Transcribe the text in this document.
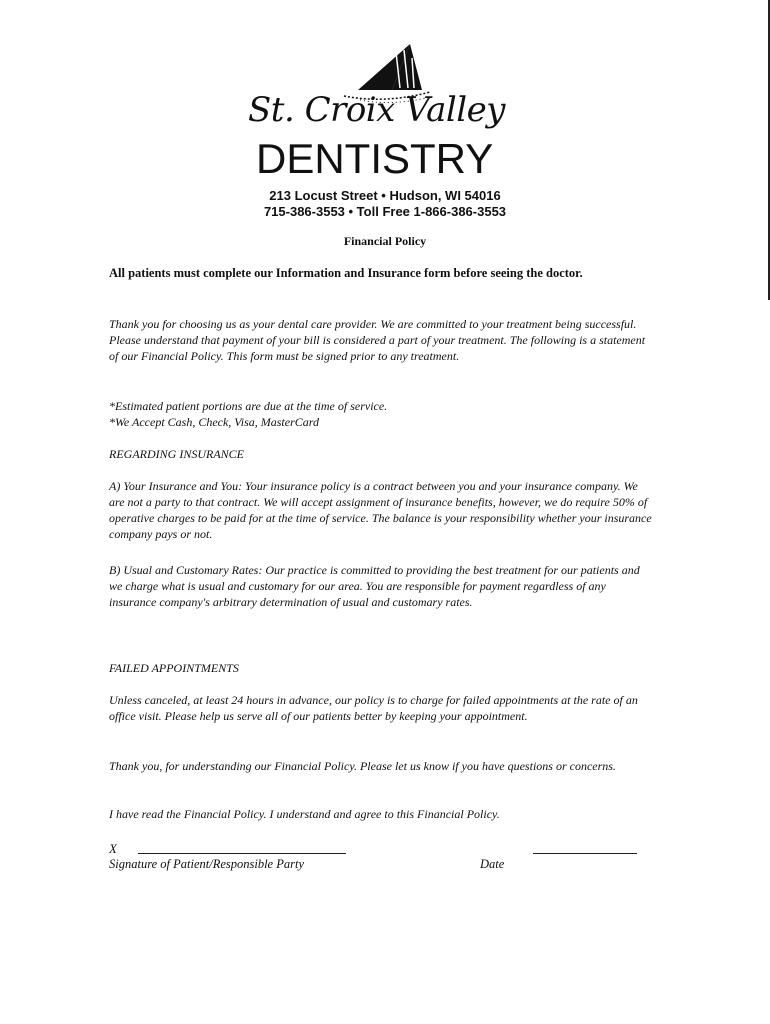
St. Croix Valley
DENTISTRY
213 Locust Street • Hudson, WI 54016
715-386-3553 • Toll Free 1-866-386-3553
Financial Policy
All patients must complete our Information and Insurance form before seeing the doctor.

Thank you for choosing us as your dental care provider. We are committed to your treatment being successful. Please understand that payment of your bill is considered a part of your treatment. The following is a statement of our Financial Policy. This form must be signed prior to any treatment.

*Estimated patient portions are due at the time of service.

*We Accept Cash, Check, Visa, MasterCard

REGARDING INSURANCE

A) Your Insurance and You: Your insurance policy is a contract between you and your insurance company. We are not a party to that contract. We will accept assignment of insurance benefits, however, we do require 50% of operative charges to be paid for at the time of service. The balance is your responsibility whether your insurance company pays or not.

B) Usual and Customary Rates: Our practice is committed to providing the best treatment for our patients and we charge what is usual and customary for our area. You are responsible for payment regardless of any insurance company's arbitrary determination of usual and customary rates.

FAILED APPOINTMENTS

Unless canceled, at least 24 hours in advance, our policy is to charge for failed appointments at the rate of an office visit. Please help us serve all of our patients better by keeping your appointment.

Thank you, for understanding our Financial Policy. Please let us know if you have questions or concerns.

I have read the Financial Policy. I understand and agree to this Financial Policy.

X
Signature of Patient/Responsible Party	Date
